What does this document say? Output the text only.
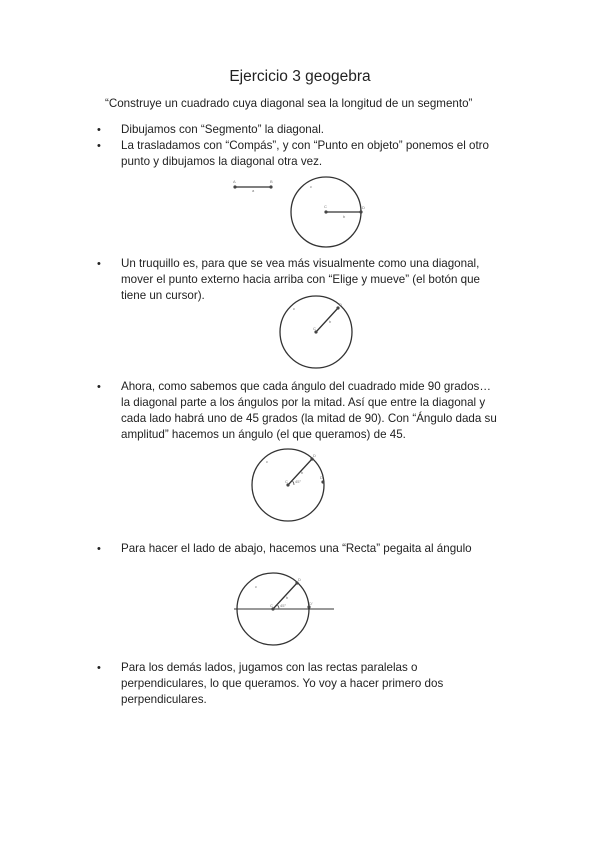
Ejercicio 3 geogebra
“Construye un cuadrado cuya diagonal sea la longitud de un segmento”
•	Dibujamos con “Segmento” la diagonal.
•	La trasladamos con “Compás”, y con “Punto en objeto” ponemos el otro
punto y dibujamos la diagonal otra vez.
A	B
a
c
C	D
b
•	Un truquillo es, para que se vea más visualmente como una diagonal,
mover el punto externo hacia arriba con “Elige y mueve” (el botón que
tiene un cursor).
c
C
D
b
•	Ahora, como sabemos que cada ángulo del cuadrado mide 90 grados…
la diagonal parte a los ángulos por la mitad. Así que entre la diagonal y
cada lado habrá uno de 45 grados (la mitad de 90). Con “Ángulo dada su
amplitud” hacemos un ángulo (el que queramos) de 45.
c
C
D
b
D'
45°
•	Para hacer el lado de abajo, hacemos una “Recta” pegaita al ángulo
c
C
D
b
D'
45°
•	Para los demás lados, jugamos con las rectas paralelas o
perpendiculares, lo que queramos. Yo voy a hacer primero dos
perpendiculares.
